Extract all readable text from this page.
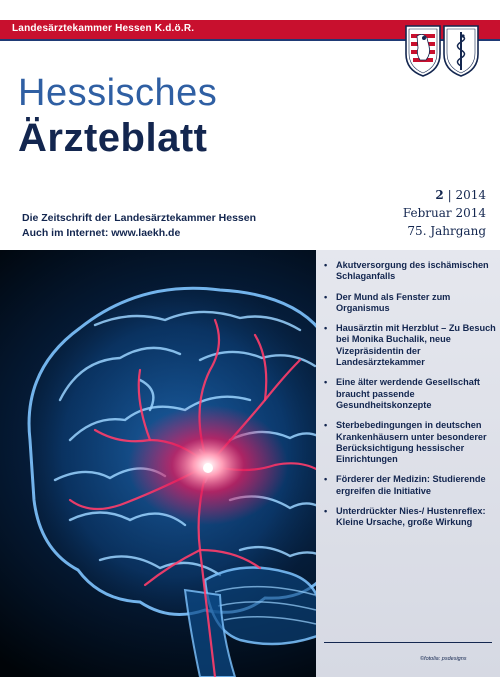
Landesärztekammer Hessen K.d.ö.R.
Hessisches
Ärzteblatt
Die Zeitschrift der Landesärztekammer Hessen
Auch im Internet: www.laekh.de
2 | 2014
Februar 2014
75. Jahrgang
• Akutversorgung des ischämischen Schlaganfalls
• Der Mund als Fenster zum Organismus
• Hausärztin mit Herzblut – Zu Besuch bei Monika Buchalik, neue Vizepräsidentin der Landesärztekammer
• Eine älter werdende Gesellschaft braucht passende Gesundheitskonzepte
• Sterbebedingungen in deutschen Krankenhäusern unter besonderer Berücksichtigung hessischer Einrichtungen
• Förderer der Medizin: Studierende ergreifen die Initiative
• Unterdrückter Nies-/ Hustenreflex: Kleine Ursache, große Wirkung
©fotolia: psdesigns
